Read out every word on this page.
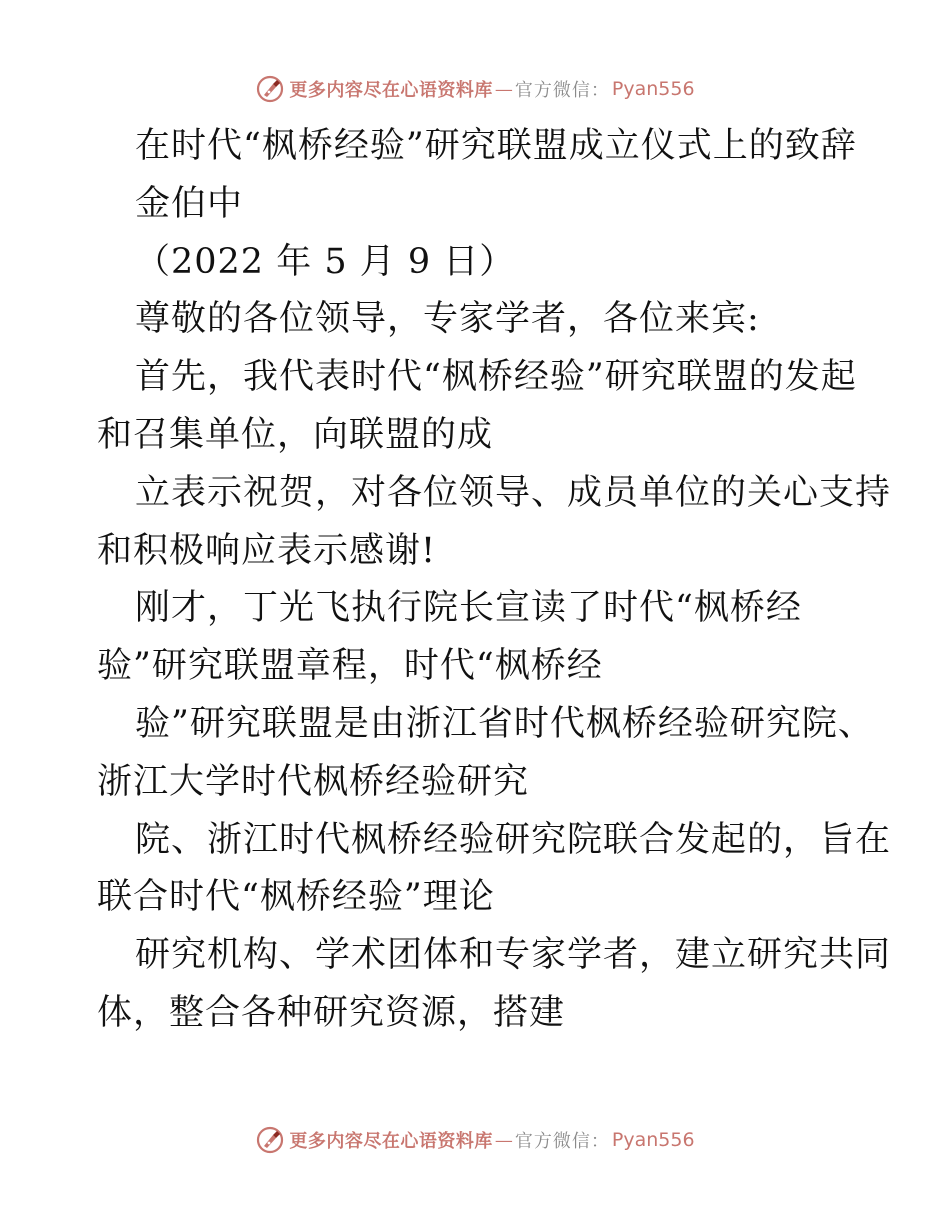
更多内容尽在心语资料库 — 官方微信： Pyan556
在时代“枫桥经验”研究联盟成立仪式上的致辞
金伯中
（2022 年 5 月 9 日）
尊敬的各位领导，专家学者，各位来宾:
首先，我代表时代“枫桥经验”研究联盟的发起
和召集单位，向联盟的成
立表示祝贺，对各位领导、成员单位的关心支持
和积极响应表示感谢!
刚才，丁光飞执行院长宣读了时代“枫桥经
验”研究联盟章程，时代“枫桥经
验”研究联盟是由浙江省时代枫桥经验研究院、
浙江大学时代枫桥经验研究
院、浙江时代枫桥经验研究院联合发起的，旨在
联合时代“枫桥经验”理论
研究机构、学术团体和专家学者，建立研究共同
体，整合各种研究资源，搭建
更多内容尽在心语资料库 — 官方微信： Pyan556
